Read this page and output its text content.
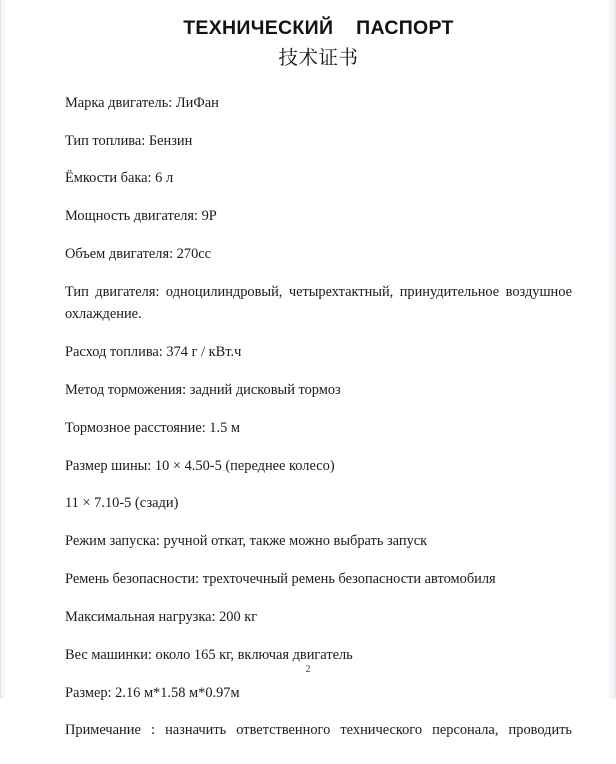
ТЕХНИЧЕСКИЙ    ПАСПОРТ
技术证书

Марка двигатель: ЛиФан

Тип топлива: Бензин

Ёмкости бака: 6 л

Мощность двигателя: 9Р

Объем двигателя: 270cc

Тип двигателя: одноцилиндровый, четырехтактный, принудительное воздушное охлаждение.

Расход топлива: 374 г / кВт.ч

Метод торможения: задний дисковый тормоз

Тормозное расстояние: 1.5 м

Размер шины: 10 × 4.50-5 (переднее колесо)

11 × 7.10-5 (сзади)

Режим запуска: ручной откат, также можно выбрать запуск

Ремень безопасности: трехточечный ремень безопасности автомобиля

Максимальная нагрузка: 200 кг

Вес машинки: около 165 кг, включая двигатель

Размер: 2.16 м*1.58 м*0.97м

Примечание : назначить ответственного технического персонала, проводить

2
